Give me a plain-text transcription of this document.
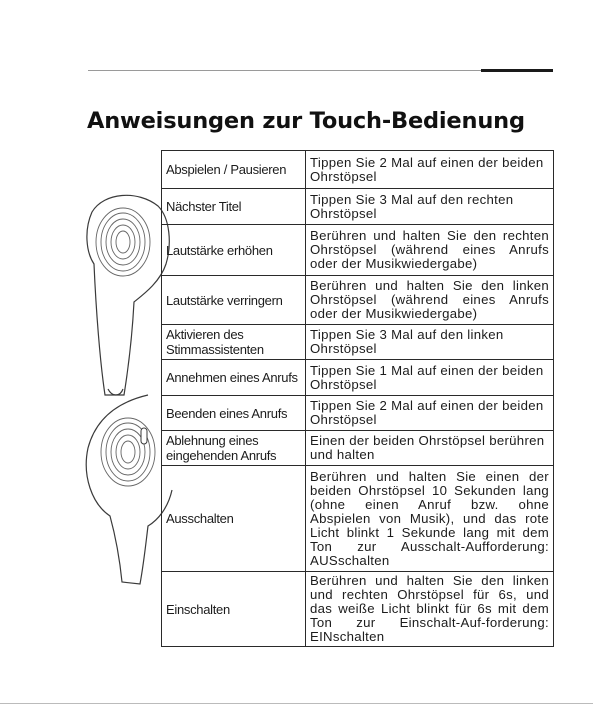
Anweisungen zur Touch-Bedienung
Abspielen / Pausieren	Tippen Sie 2 Mal auf einen der beiden Ohrstöpsel
Nächster Titel	Tippen Sie 3 Mal auf den rechten Ohrstöpsel
Lautstärke erhöhen	Berühren und halten Sie den rechten Ohrstöpsel (während eines Anrufs oder der Musikwiedergabe)
Lautstärke verringern	Berühren und halten Sie den linken Ohrstöpsel (während eines Anrufs oder der Musikwiedergabe)
Aktivieren des Stimmassistenten	Tippen Sie 3 Mal auf den linken Ohrstöpsel
Annehmen eines Anrufs	Tippen Sie 1 Mal auf einen der beiden Ohrstöpsel
Beenden eines Anrufs	Tippen Sie 2 Mal auf einen der beiden Ohrstöpsel
Ablehnung eines eingehenden Anrufs	Einen der beiden Ohrstöpsel berühren und halten
Ausschalten	Berühren und halten Sie einen der beiden Ohrstöpsel 10 Sekunden lang (ohne einen Anruf bzw. ohne Abspielen von Musik), und das rote Licht blinkt 1 Sekunde lang mit dem Ton zur Ausschalt-Aufforderung: AUSschalten
Einschalten	Berühren und halten Sie den linken und rechten Ohrstöpsel für 6s, und das weiße Licht blinkt für 6s mit dem Ton zur Einschalt-Auf-forderung: EINschalten
